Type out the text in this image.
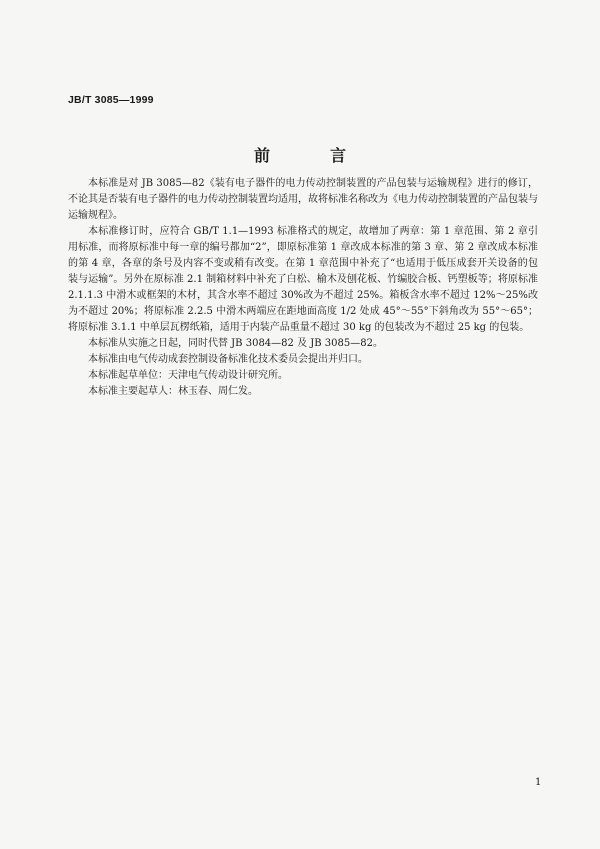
JB/T 3085—1999
前　言

本标准是对 JB 3085—82《装有电子器件的电力传动控制装置的产品包装与运输规程》进行的修订，不论其是否装有电子器件的电力传动控制装置均适用，故将标准名称改为《电力传动控制装置的产品包装与运输规程》。

本标准修订时，应符合 GB/T 1.1—1993 标准格式的规定，故增加了两章：第 1 章范围、第 2 章引用标准，而将原标准中每一章的编号都加“2”，即原标准第 1 章改成本标准的第 3 章、第 2 章改成本标准的第 4 章，各章的条号及内容不变或稍有改变。在第 1 章范围中补充了“也适用于低压成套开关设备的包装与运输”。另外在原标准 2.1 制箱材料中补充了白松、榆木及刨花板、竹编胶合板、钙塑板等；将原标准 2.1.1.3 中滑木或框架的木材，其含水率不超过 30%改为不超过 25%。箱板含水率不超过 12%～25%改为不超过 20%；将原标准 2.2.5 中滑木两端应在距地面高度 1/2 处成 45°～55°下斜角改为 55°～65°；将原标准 3.1.1 中单层瓦楞纸箱，适用于内装产品重量不超过 30 kg 的包装改为不超过 25 kg 的包装。

本标准从实施之日起，同时代替 JB 3084—82 及 JB 3085—82。

本标准由电气传动成套控制设备标准化技术委员会提出并归口。

本标准起草单位：天津电气传动设计研究所。

本标准主要起草人：林玉春、周仁发。

1
